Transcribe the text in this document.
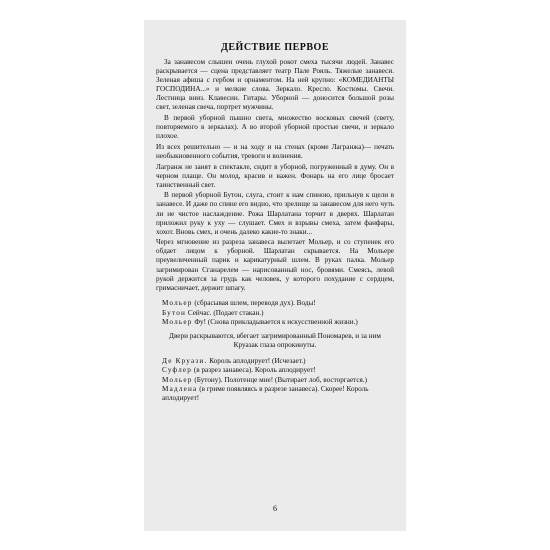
ДЕЙСТВИЕ ПЕРВОЕ

За занавесом слышен очень глухой рокот смеха тысячи людей. Занавес раскрывается — сцена представляет театр Пале Рояль. Тяжелые занавеси. Зеленая афиша с гербом и орнаментом. На ней крупно: «КОМЕДИАНТЫ ГОСПОДИНА...» и мелкие слова. Зеркало. Кресло. Костюмы. Свечи. Лестница вниз. Клавесин. Гитары. Уборной — доносится большой розы свет, зеленая свеча, портрет мужчины.

В первой уборной пышно света, множество восковых свечей (свету, повторяемого в зеркалах). А во второй уборной простые свечи, и зеркало плохое.

Из всех решительно — и на ходу и на стенах (кроме Лагранжа)— печать необыкновенного события, тревоги и волнения.

Лагранж не занят в спектакле, сидит в уборной, погруженный в думу. Он в черном плаще. Он молод, красив и важен. Фонарь на его лице бросает таинственный свет.

В первой уборной Бутон, слуга, стоит к нам спиною, прильнув к щели в занавесе. И даже по спине его видно, что зрелище за занавесом для него чуть ли не чистое наслаждение. Рожа Шарлатана торчит в дверях. Шарлатан приложил руку к уху — слушает. Смех и взрывы смеха, затем фанфары, хохот. Вновь смех, и очень далеко какие-то знаки...

Через мгновение из разреза занавеса вылетает Мольер, и со ступенек его обдает лицом к уборной. Шарлатан скрывается. На Мольере преувеличенный парик и карикатурный шлем. В руках палка. Мольер загримирован Сганарелем — нарисованный нос, бровями. Смеясь, левой рукой держится за грудь как человек, у которого похудание с сердцем, гримасничает, держит шпагу.

Мольер (сбрасывая шлем, переводя дух). Воды!

Бутон Сейчас. (Подает стакан.)

Мольер Фу! (Снова прикладывается к искусственной жизни.)

Двери раскрываются, вбегает загримированный Пономарев, и за ним Круазак глаза опрокинуты.

Де Круази. Король аплодирует! (Исчезает.)

Суфлер (в разрез занавеса). Король аплодирует!

Мольер (Бутону). Полотенце мне! (Вытирает лоб, восторгается.)

Мадлена (в гриме появляясь в разрезе занавеса). Скорее! Король аплодирует!

6
